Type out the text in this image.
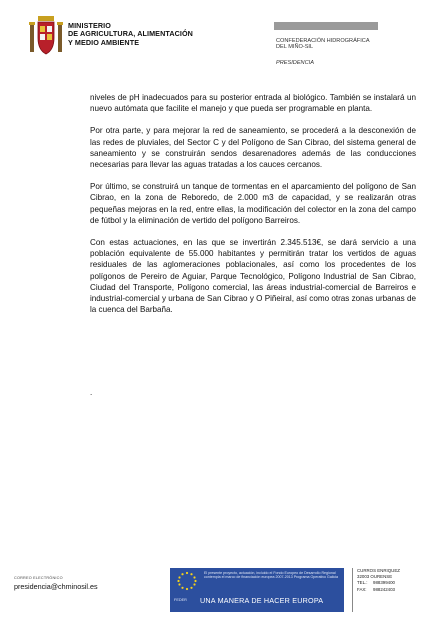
MINISTERIO
DE AGRICULTURA, ALIMENTACIÓN
Y MEDIO AMBIENTE	CONFEDERACIÓN HIDROGRÁFICA
DEL MIÑO-SIL
PRESIDENCIA

niveles de pH inadecuados para su posterior entrada al biológico. También se instalará un nuevo autómata que facilite el manejo y que pueda ser programable en planta.

Por otra parte, y para mejorar la red de saneamiento, se procederá a la desconexión de las redes de pluviales, del Sector C y del Polígono de San Cibrao, del sistema general de saneamiento y se construirán sendos desarenadores además de las conducciones necesarias para llevar las aguas tratadas a los cauces cercanos.

Por último, se construirá un tanque de tormentas en el aparcamiento del polígono de San Cibrao, en la zona de Reboredo, de 2.000 m3 de capacidad, y se realizarán otras pequeñas mejoras en la red, entre ellas, la modificación del colector en la zona del campo de fútbol y la eliminación de vertido del polígono Barreiros.

Con estas actuaciones, en las que se invertirán 2.345.513€, se dará servicio a una población equivalente de 55.000 habitantes y permitirán tratar los vertidos de aguas residuales de las aglomeraciones poblacionales, así como los procedentes de los polígonos de Pereiro de Aguiar, Parque Tecnológico, Polígono Industrial de San Cibrao, Ciudad del Transporte, Polígono comercial, las áreas industrial-comercial de Barreiros e industrial-comercial y urbana de San Cibrao y O Piñeiral, así como otras zonas urbanas de la cuenca del Barbaña.

.
CORREO ELECTRÓNICO
presidencia@chminosil.es
El presente proyecto, actuación, incluido el Fondo Europeo de Desarrollo Regional contempla el marco de financiación europea 2007-2013 Programa Operativo Galicia
FEDER UNA MANERA DE HACER EUROPA
CURROS ENRIQUEZ
32003 OURENSE
TEL.: 988399400
FAX: 988242403
